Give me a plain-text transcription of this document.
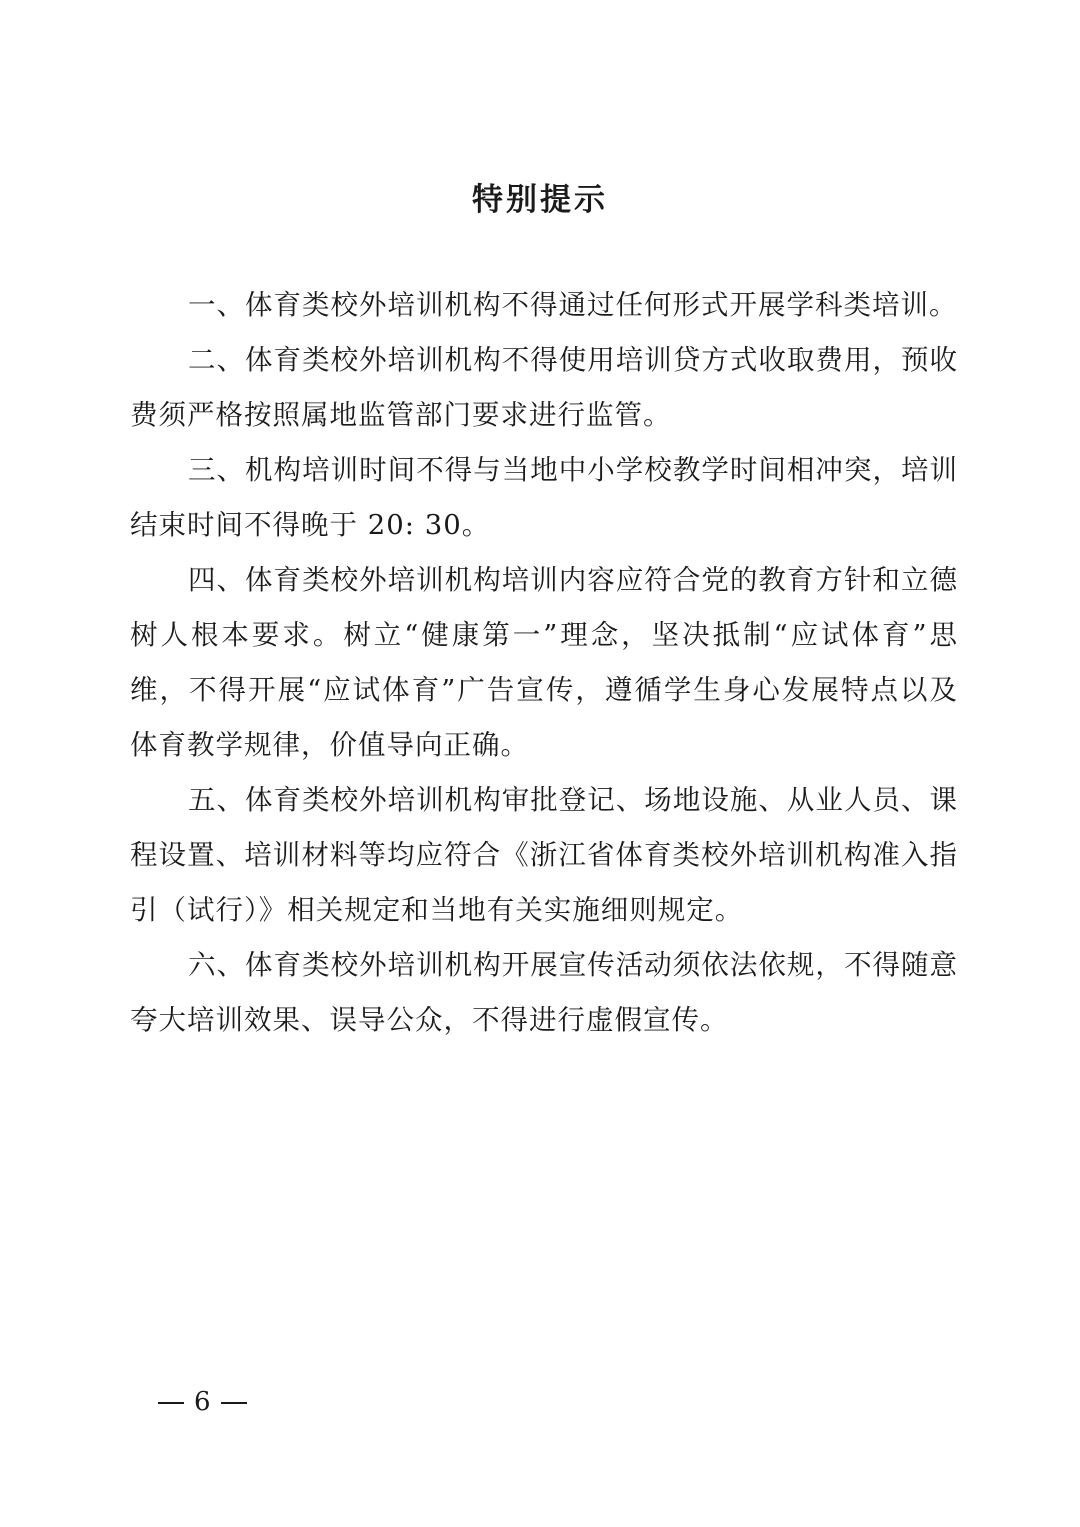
特别提示

一、体育类校外培训机构不得通过任何形式开展学科类培训。

二、体育类校外培训机构不得使用培训贷方式收取费用，预收费须严格按照属地监管部门要求进行监管。

三、机构培训时间不得与当地中小学校教学时间相冲突，培训结束时间不得晚于 20: 30。

四、体育类校外培训机构培训内容应符合党的教育方针和立德树人根本要求。树立“健康第一”理念，坚决抵制“应试体育”思维，不得开展“应试体育”广告宣传，遵循学生身心发展特点以及体育教学规律，价值导向正确。

五、体育类校外培训机构审批登记、场地设施、从业人员、课程设置、培训材料等均应符合《浙江省体育类校外培训机构准入指引（试行）》相关规定和当地有关实施细则规定。

六、体育类校外培训机构开展宣传活动须依法依规，不得随意夸大培训效果、误导公众，不得进行虚假宣传。

6
